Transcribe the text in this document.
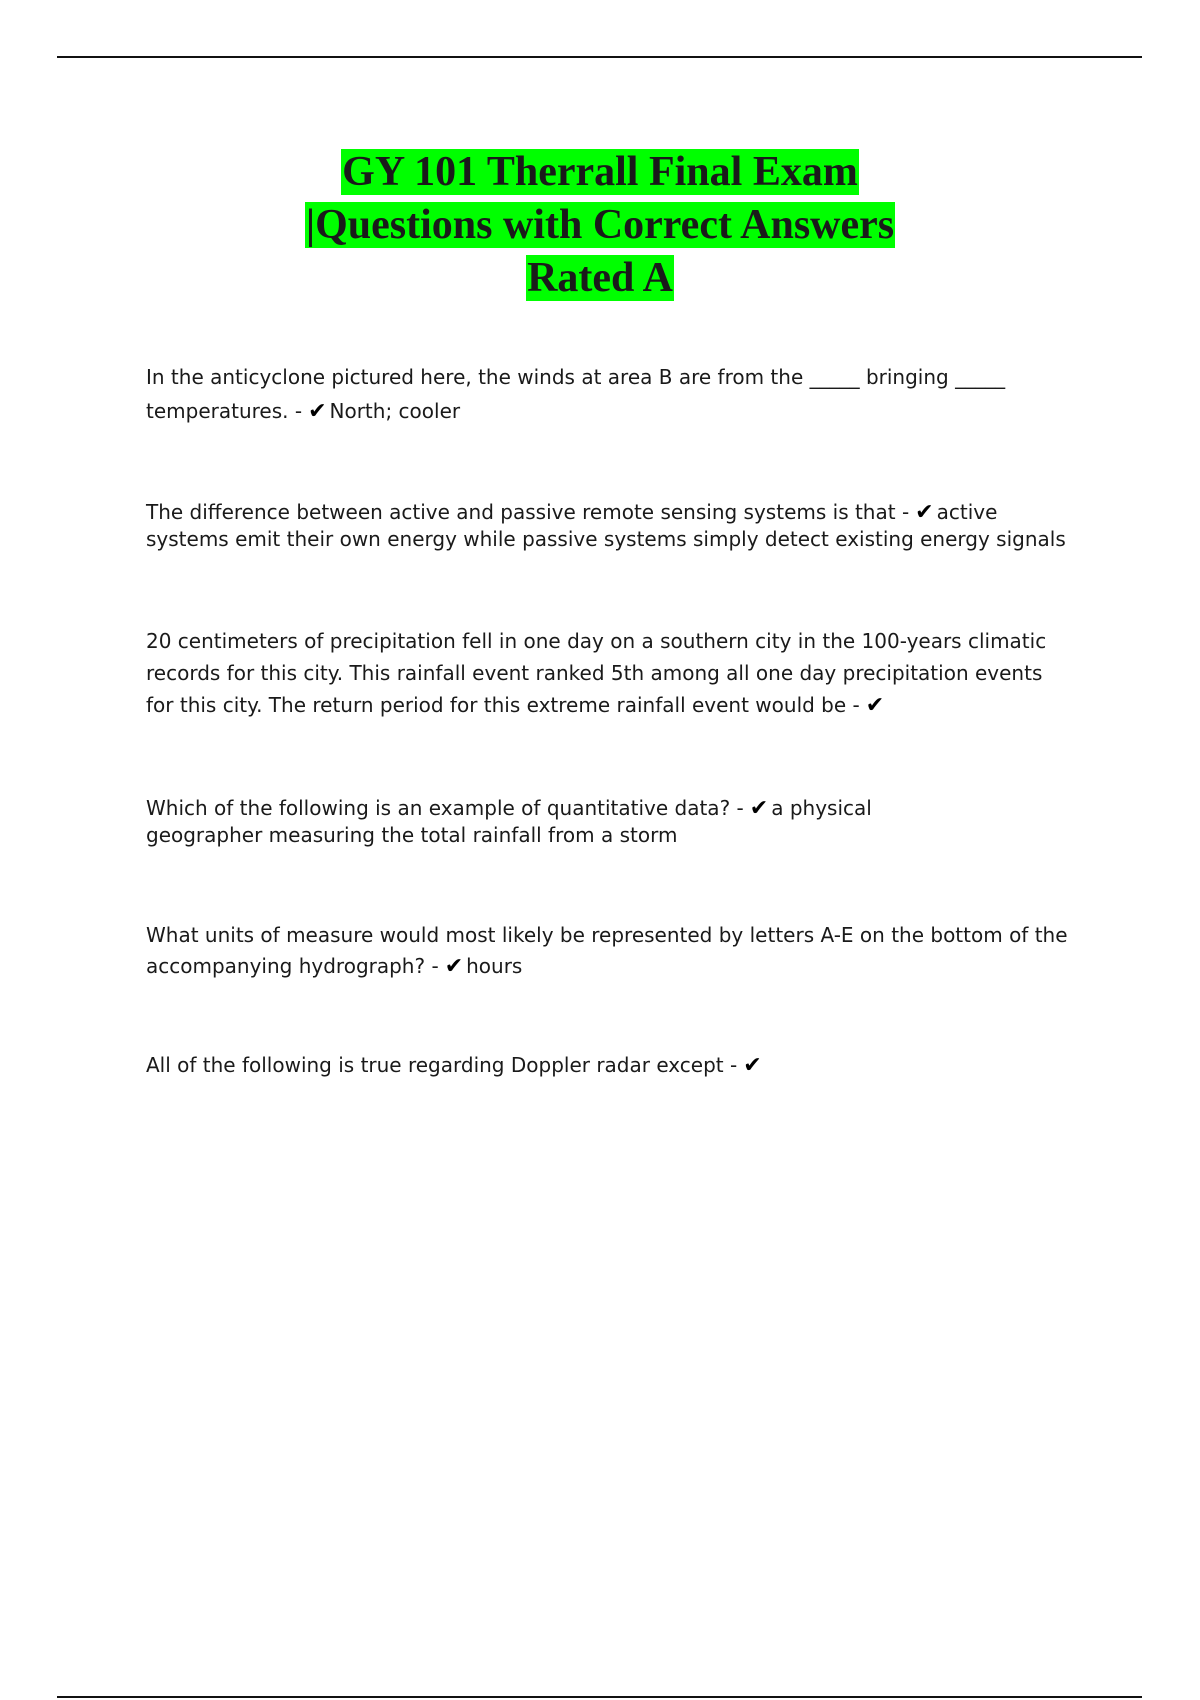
GY 101 Therrall Final Exam
|Questions with Correct Answers
Rated A
In the anticyclone pictured here, the winds at area B are from the _____ bringing _____
temperatures. - ✔ North; cooler
The difference between active and passive remote sensing systems is that - ✔ active
systems emit their own energy while passive systems simply detect existing energy signals
20 centimeters of precipitation fell in one day on a southern city in the 100-years climatic
records for this city. This rainfall event ranked 5th among all one day precipitation events
for this city. The return period for this extreme rainfall event would be - ✔
Which of the following is an example of quantitative data? - ✔ a physical
geographer measuring the total rainfall from a storm
What units of measure would most likely be represented by letters A-E on the bottom of the
accompanying hydrograph? - ✔ hours
All of the following is true regarding Doppler radar except - ✔
